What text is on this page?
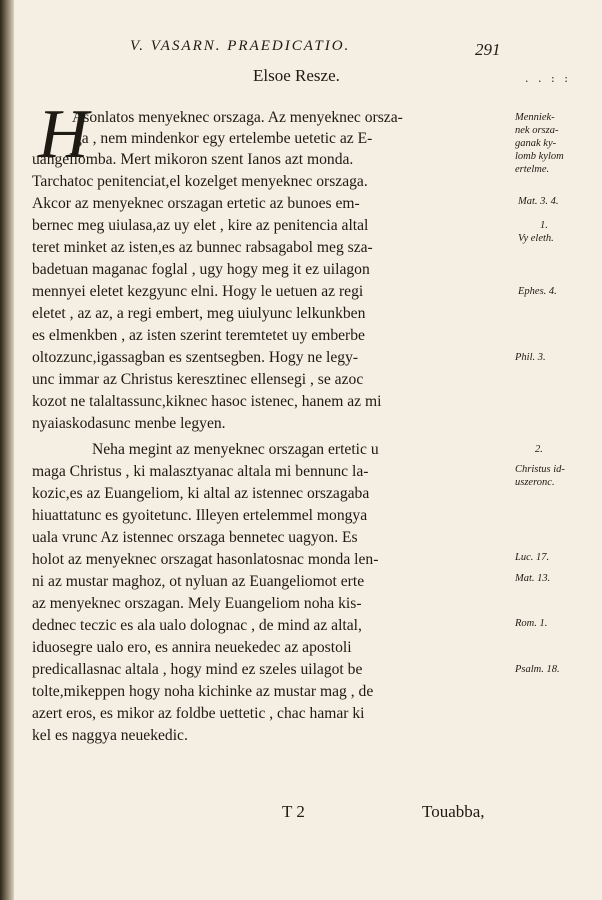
V. VASARN. PRAEDICATIO.	291
Elsoe Resze.	. . : :
H
Asonlatos menyeknec orszaga. Az menyeknec orsza-
ga , nem mindenkor egy ertelembe uetetic az E-
uangeliomba. Mert mikoron szent Ianos azt monda.
Tarchatoc penitenciat,el kozelget menyeknec orszaga.
Akcor az menyeknec orszagan ertetic az bunoes em-
bernec meg uiulasa,az uy elet , kire az penitencia altal
teret minket az isten,es az bunnec rabsagabol meg sza-
badetuan maganac foglal , ugy hogy meg it ez uilagon
mennyei eletet kezgyunc elni. Hogy le uetuen az regi
eletet , az az, a regi embert, meg uiulyunc lelkunkben
es elmenkben , az isten szerint teremtetet uy emberbe
oltozzunc,igassagban es szentsegben. Hogy ne legy-
unc immar az Christus keresztinec ellensegi , se azoc
kozot ne talaltassunc,kiknec hasoc istenec, hanem az mi
nyaiaskodasunc menbe legyen.
Neha megint az menyeknec orszagan ertetic u
maga Christus , ki malasztyanac altala mi bennunc la-
kozic,es az Euangeliom, ki altal az istennec orszagaba
hiuattatunc es gyoitetunc. Illeyen ertelemmel mongya
uala vrunc Az istennec orszaga bennetec uagyon. Es
holot az menyeknec orszagat hasonlatosnac monda len-
ni az mustar maghoz, ot nyluan az Euangeliomot erte
az menyeknec orszagan. Mely Euangeliom noha kis-
dednec teczic es ala ualo dolognac , de mind az altal,
iduosegre ualo ero, es annira neuekedec az apostoli
predicallasnac altala , hogy mind ez szeles uilagot be
tolte,mikeppen hogy noha kichinke az mustar mag , de
azert eros, es mikor az foldbe uettetic , chac hamar ki
kel es naggya neuekedic.
Menniek-
nek orsza-
ganak ky-
lomb kylom
ertelme.
Mat. 3. 4.
1.
Vy eleth.
Ephes. 4.
Phil. 3.
2.
Christus id-
uszeronc.
Luc. 17.
Mat. 13.
Rom. 1.
Psalm. 18.
T 2	Touabba,
